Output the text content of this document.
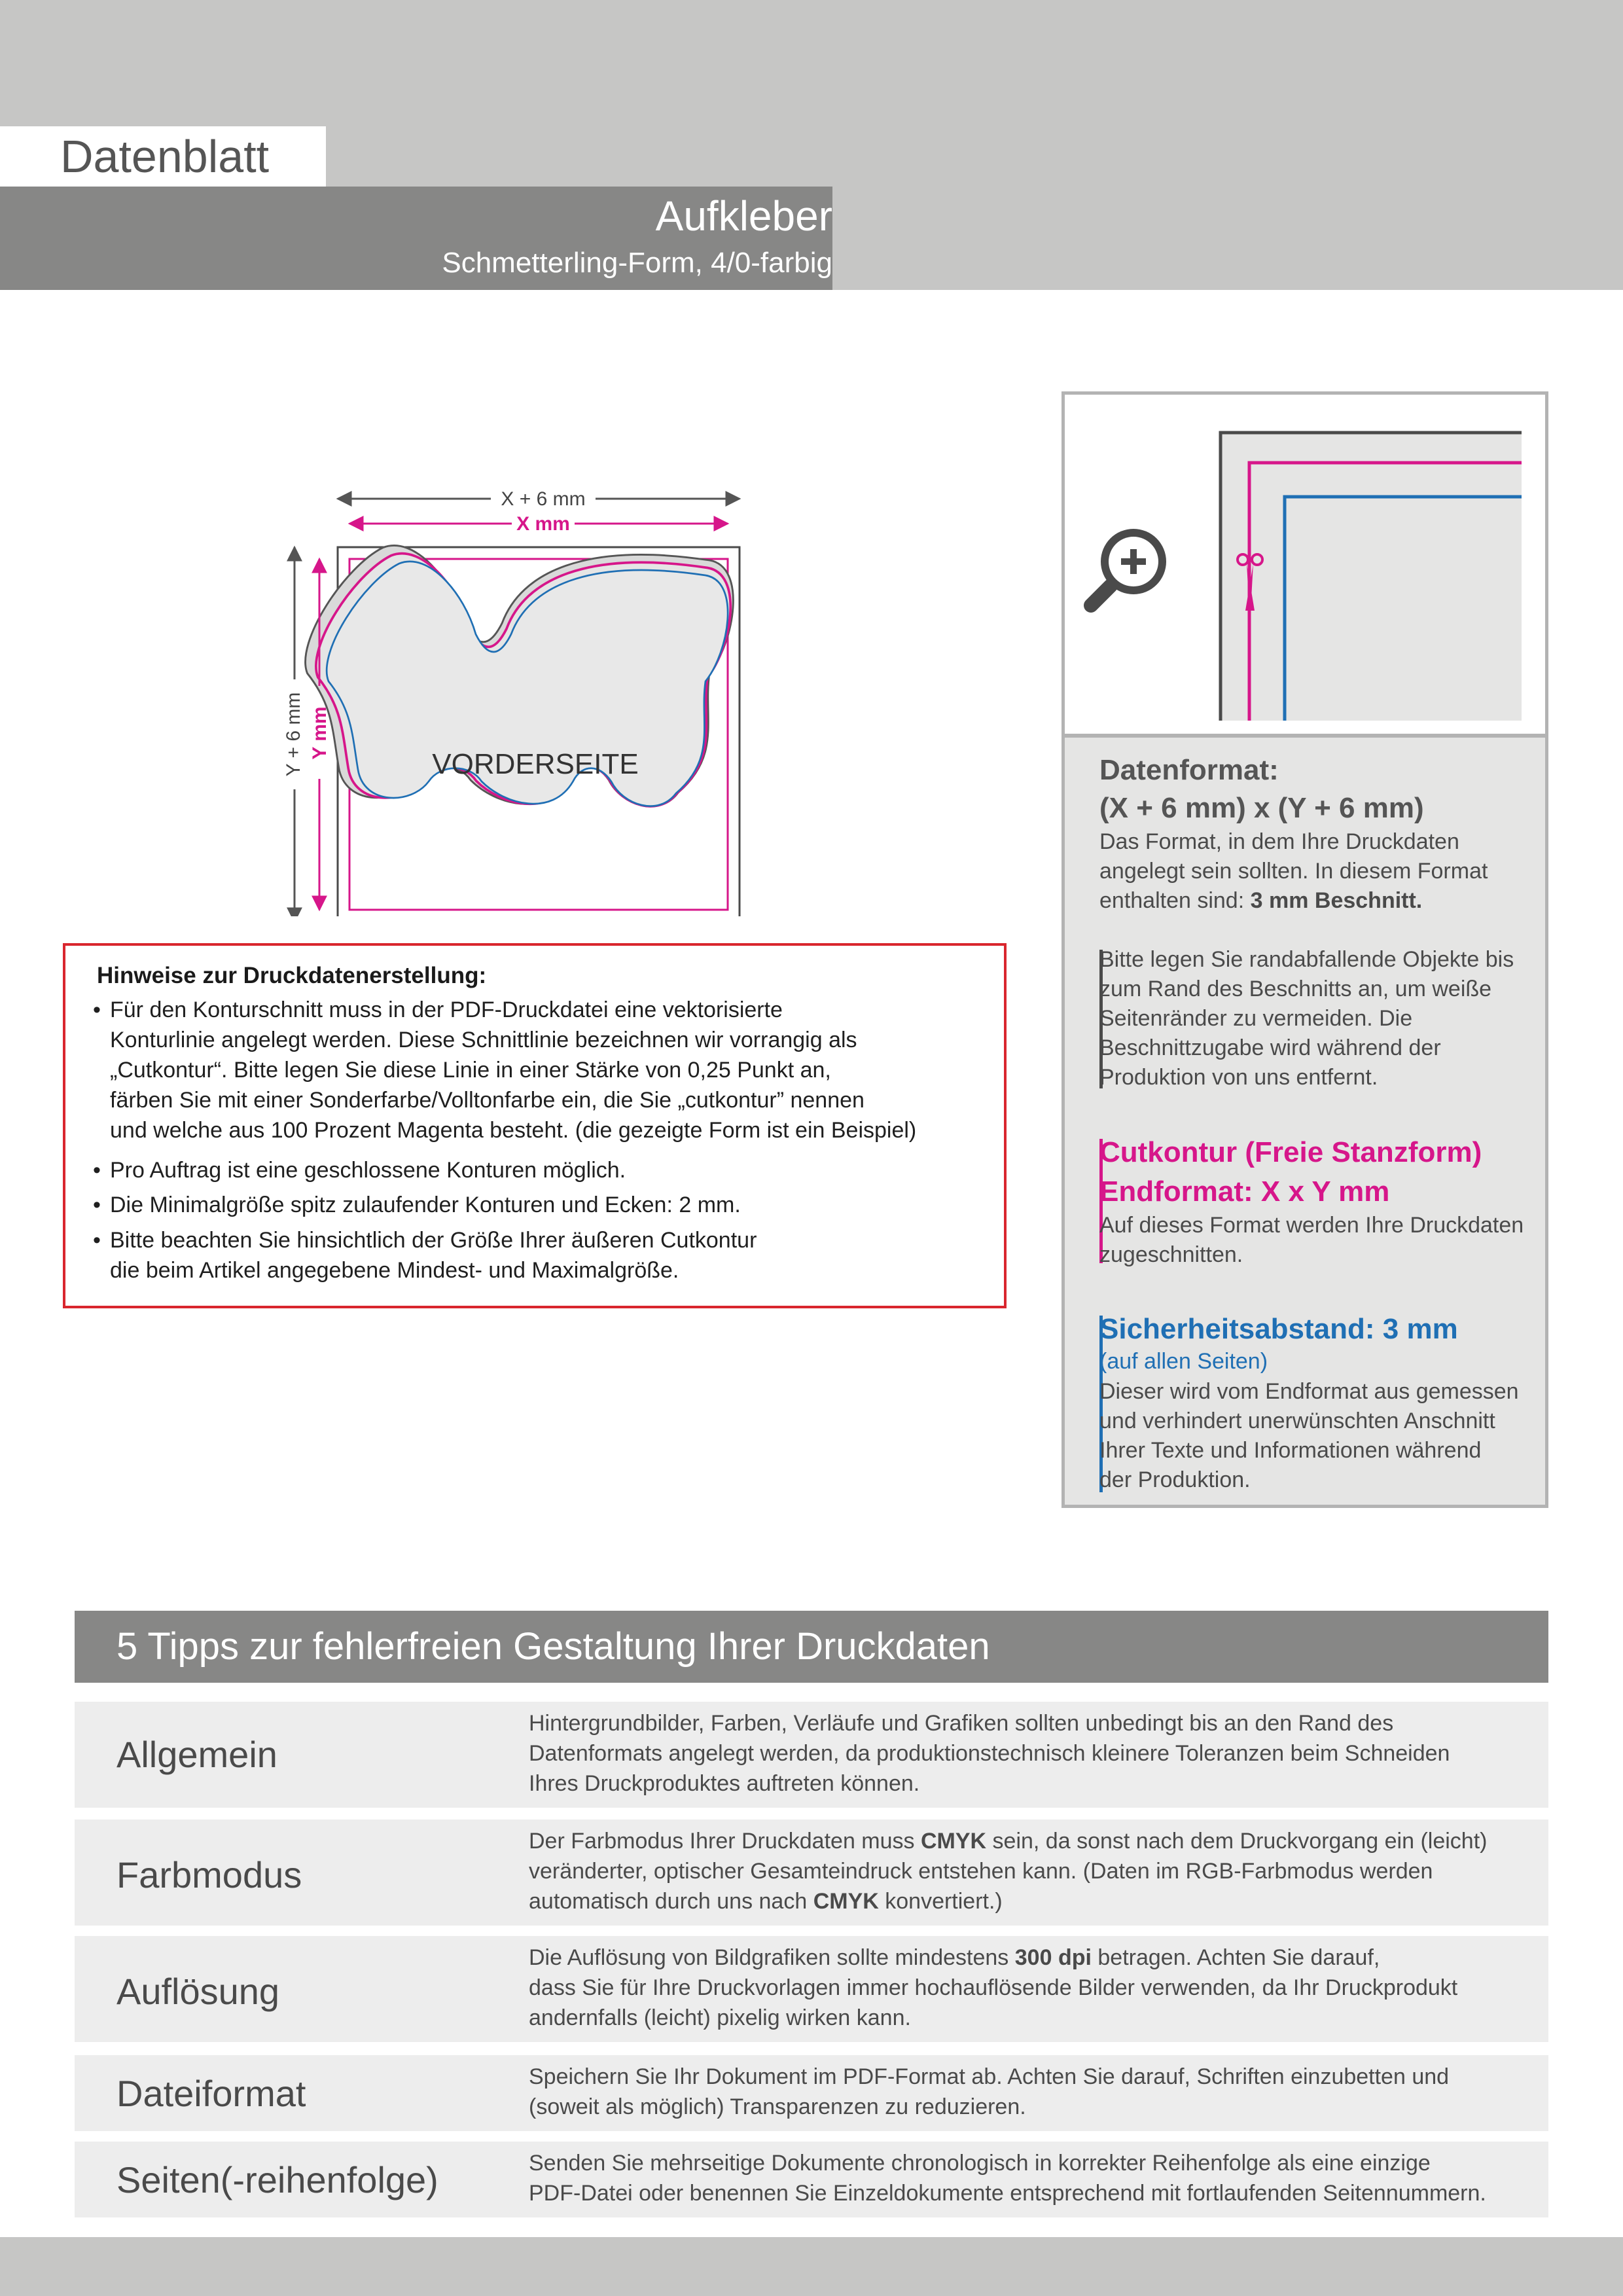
Datenblatt
Aufkleber
Schmetterling-Form, 4/0-farbig
X + 6 mm
X mm
Y + 6 mm Y mm
VORDERSEITE
Hinweise zur Druckdatenerstellung:
• Für den Konturschnitt muss in der PDF-Druckdatei eine vektorisierte
Konturlinie angelegt werden. Diese Schnittlinie bezeichnen wir vorrangig als
„Cutkontur“. Bitte legen Sie diese Linie in einer Stärke von 0,25 Punkt an,
färben Sie mit einer Sonderfarbe/Volltonfarbe ein, die Sie „cutkontur” nennen
und welche aus 100 Prozent Magenta besteht. (die gezeigte Form ist ein Beispiel)
• Pro Auftrag ist eine geschlossene Konturen möglich.
• Die Minimalgröße spitz zulaufender Konturen und Ecken: 2 mm.
• Bitte beachten Sie hinsichtlich der Größe Ihrer äußeren Cutkontur
die beim Artikel angegebene Mindest- und Maximalgröße.
Datenformat:
(X + 6 mm) x (Y + 6 mm)
Das Format, in dem Ihre Druckdaten
angelegt sein sollten. In diesem Format
enthalten sind: 3 mm Beschnitt.
Bitte legen Sie randabfallende Objekte bis
zum Rand des Beschnitts an, um weiße
Seitenränder zu vermeiden. Die
Beschnittzugabe wird während der
Produktion von uns entfernt.
Cutkontur (Freie Stanzform)
Endformat: X x Y mm
Auf dieses Format werden Ihre Druckdaten
zugeschnitten.
Sicherheitsabstand: 3 mm
(auf allen Seiten)
Dieser wird vom Endformat aus gemessen
und verhindert unerwünschten Anschnitt
Ihrer Texte und Informationen während
der Produktion.
5 Tipps zur fehlerfreien Gestaltung Ihrer Druckdaten
Allgemein
Hintergrundbilder, Farben, Verläufe und Grafiken sollten unbedingt bis an den Rand des
Datenformats angelegt werden, da produktionstechnisch kleinere Toleranzen beim Schneiden
Ihres Druckproduktes auftreten können.
Farbmodus
Der Farbmodus Ihrer Druckdaten muss CMYK sein, da sonst nach dem Druckvorgang ein (leicht)
veränderter, optischer Gesamteindruck entstehen kann. (Daten im RGB-Farbmodus werden
automatisch durch uns nach CMYK konvertiert.)
Auflösung
Die Auflösung von Bildgrafiken sollte mindestens 300 dpi betragen. Achten Sie darauf,
dass Sie für Ihre Druckvorlagen immer hochauflösende Bilder verwenden, da Ihr Druckprodukt
andernfalls (leicht) pixelig wirken kann.
Dateiformat	Speichern Sie Ihr Dokument im PDF-Format ab. Achten Sie darauf, Schriften einzubetten und
(soweit als möglich) Transparenzen zu reduzieren.
Seiten(-reihenfolge)	Senden Sie mehrseitige Dokumente chronologisch in korrekter Reihenfolge als eine einzige
PDF-Datei oder benennen Sie Einzeldokumente entsprechend mit fortlaufenden Seitennummern.
